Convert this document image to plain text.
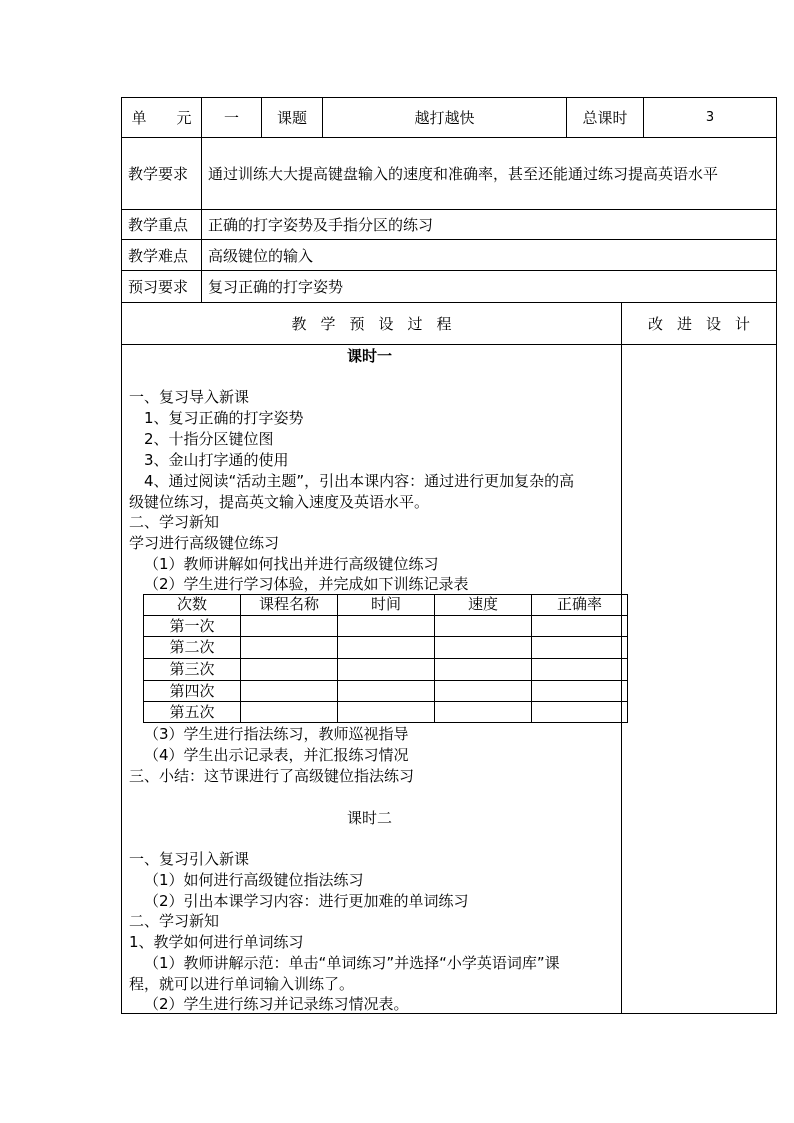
单　　元	一	课题	越打越快	总课时	3
教学要求	通过训练大大提高键盘输入的速度和准确率，甚至还能通过练习提高英语水平
教学重点	正确的打字姿势及手指分区的练习
教学难点	高级键位的输入
预习要求	复习正确的打字姿势
教学预设过程	改进设计
课时一
一、复习导入新课
1、复习正确的打字姿势
2、十指分区键位图
3、金山打字通的使用
4、通过阅读“活动主题”，引出本课内容：通过进行更加复杂的高
级键位练习，提高英文输入速度及英语水平。
二、学习新知
学习进行高级键位练习
（1）教师讲解如何找出并进行高级键位练习
（2）学生进行学习体验，并完成如下训练记录表
次数	课程名称	时间	速度	正确率
第一次
第二次
第三次
第四次
第五次
（3）学生进行指法练习，教师巡视指导
（4）学生出示记录表，并汇报练习情况
三、小结：这节课进行了高级键位指法练习
课时二
一、复习引入新课
（1）如何进行高级键位指法练习
（2）引出本课学习内容：进行更加难的单词练习
二、学习新知
1、教学如何进行单词练习
（1）教师讲解示范：单击“单词练习”并选择“小学英语词库”课
程，就可以进行单词输入训练了。
（2）学生进行练习并记录练习情况表。
